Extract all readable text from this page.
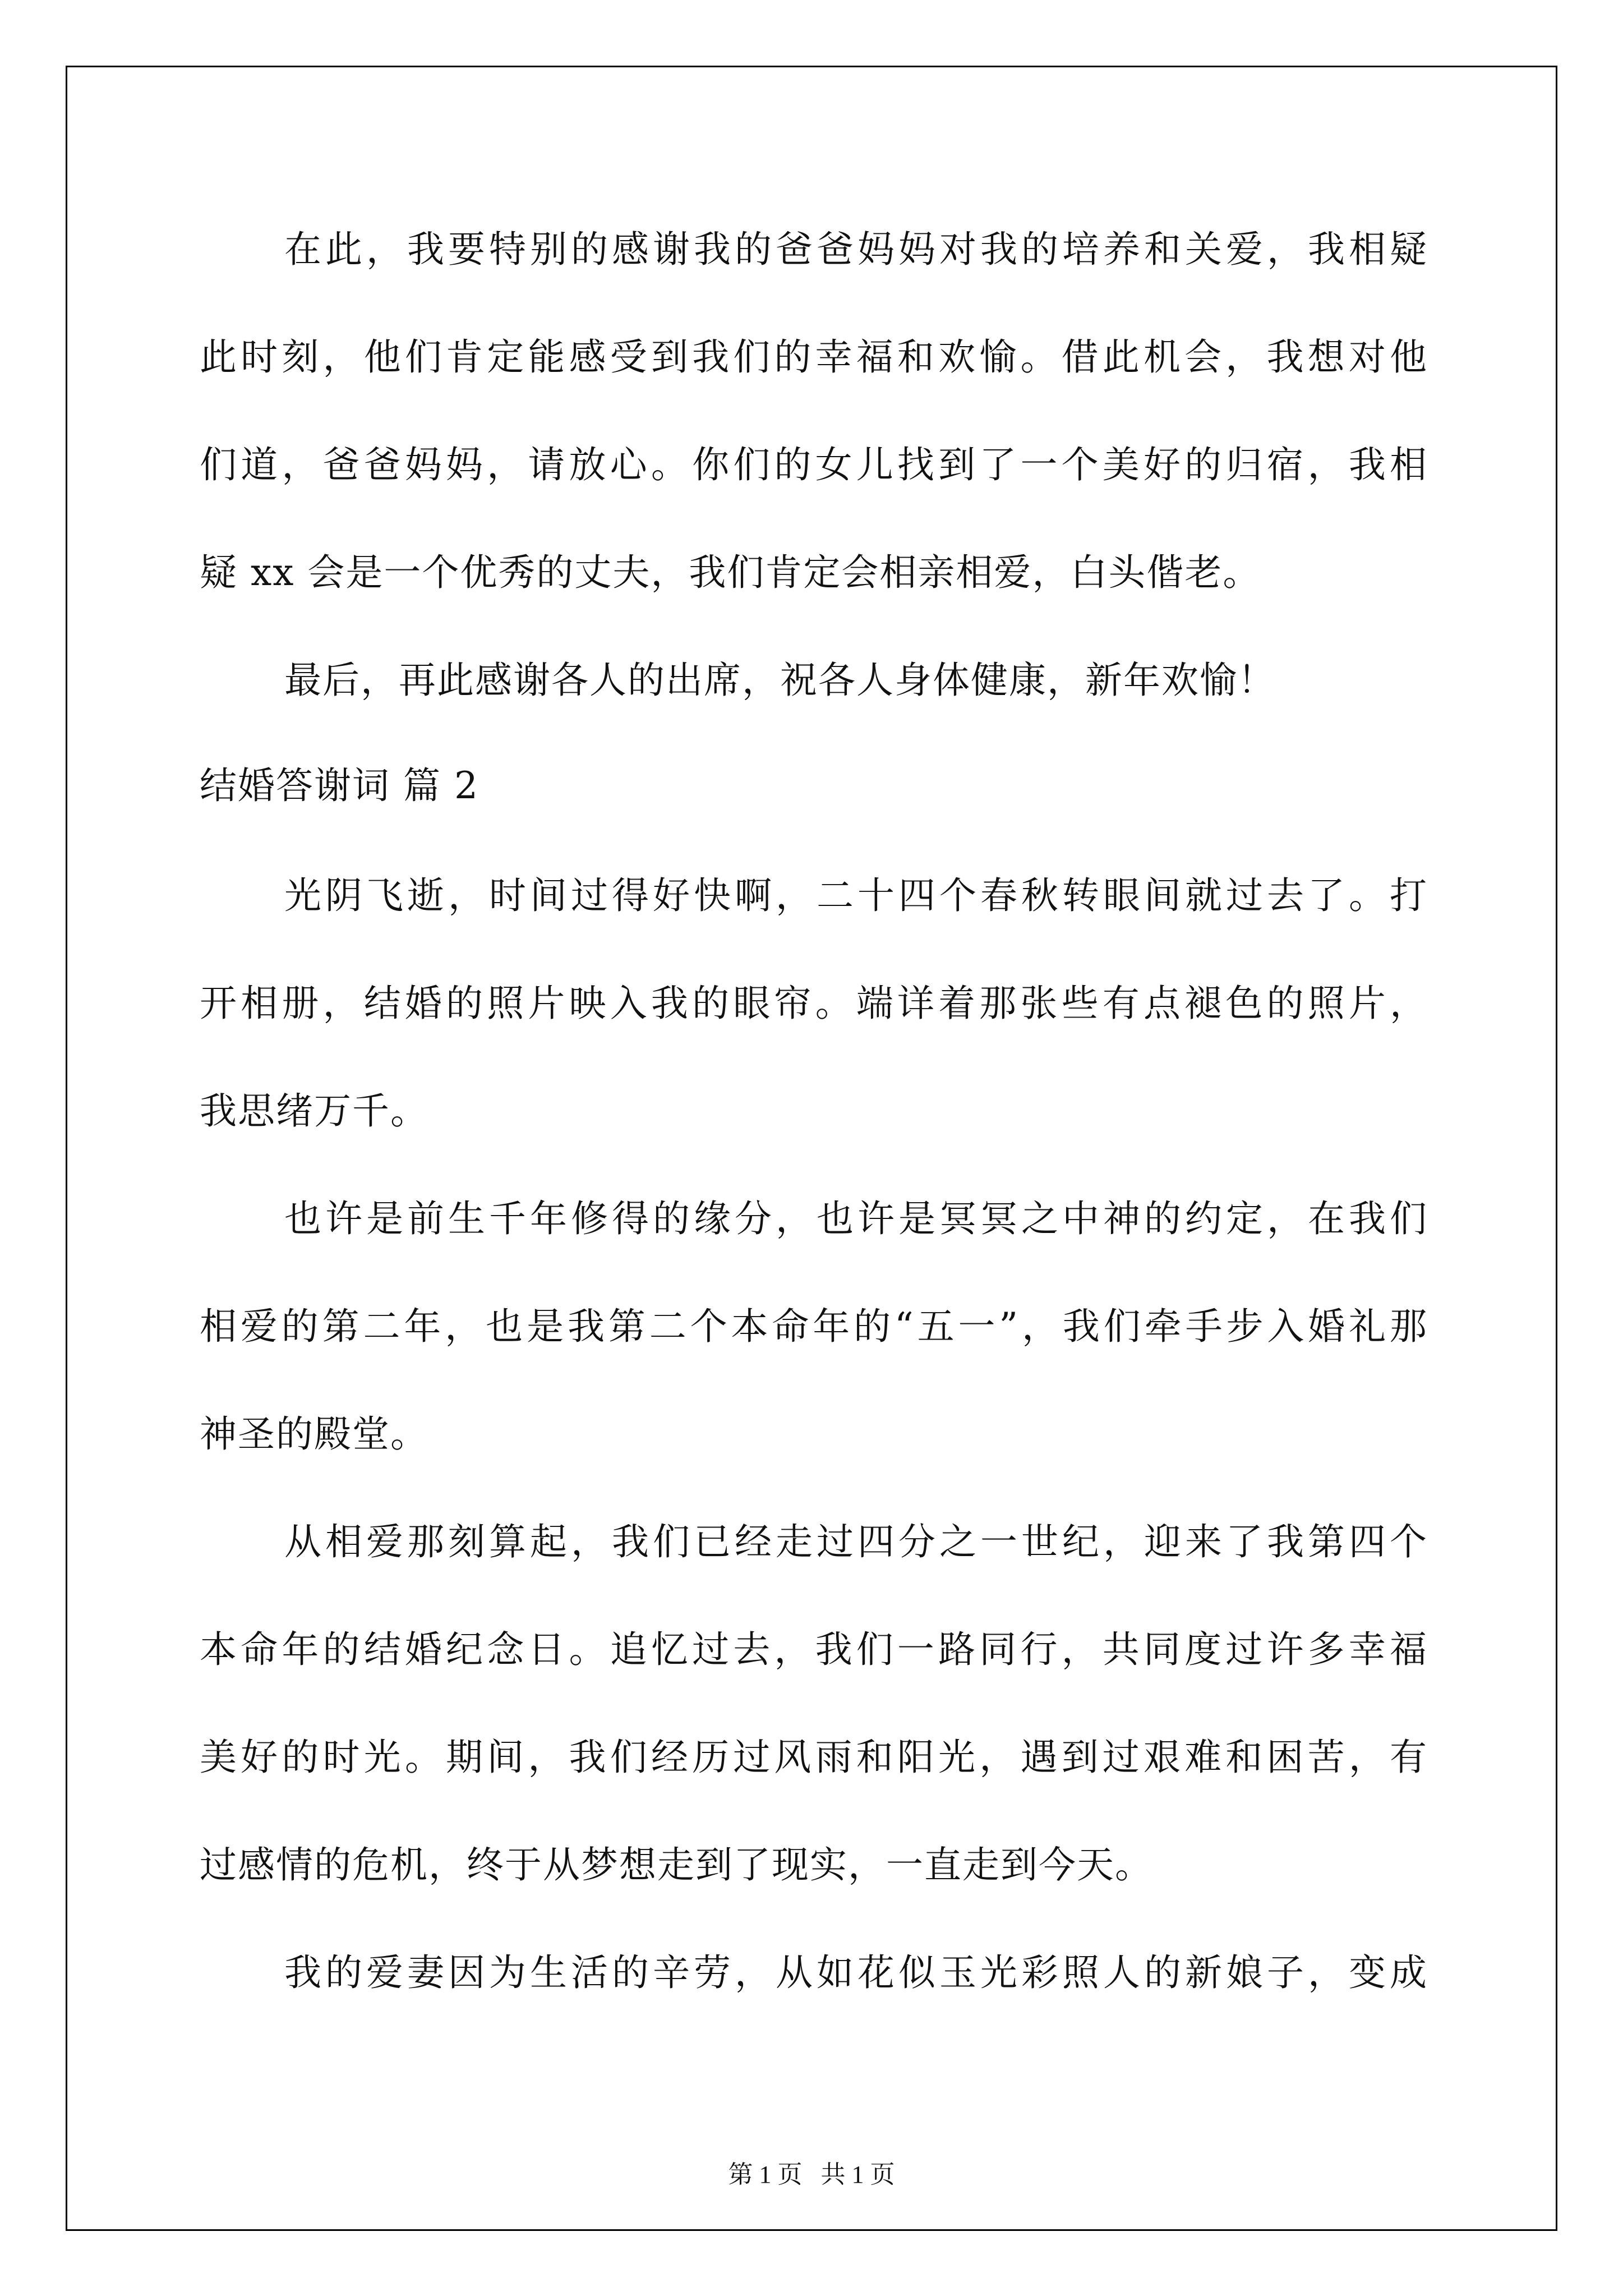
在此，我要特别的感谢我的爸爸妈妈对我的培养和关爱，我相疑
此时刻，他们肯定能感受到我们的幸福和欢愉。借此机会，我想对他
们道，爸爸妈妈，请放心。你们的女儿找到了一个美好的归宿，我相
疑 xx 会是一个优秀的丈夫，我们肯定会相亲相爱，白头偕老。
最后，再此感谢各人的出席，祝各人身体健康，新年欢愉！
结婚答谢词 篇 2
光阴飞逝，时间过得好快啊，二十四个春秋转眼间就过去了。打
开相册，结婚的照片映入我的眼帘。端详着那张些有点褪色的照片，
我思绪万千。
也许是前生千年修得的缘分，也许是冥冥之中神的约定，在我们
相爱的第二年，也是我第二个本命年的“五一”，我们牵手步入婚礼那
神圣的殿堂。
从相爱那刻算起，我们已经走过四分之一世纪，迎来了我第四个
本命年的结婚纪念日。追忆过去，我们一路同行，共同度过许多幸福
美好的时光。期间，我们经历过风雨和阳光，遇到过艰难和困苦，有
过感情的危机，终于从梦想走到了现实，一直走到今天。
我的爱妻因为生活的辛劳，从如花似玉光彩照人的新娘子，变成
第 1 页   共 1 页
